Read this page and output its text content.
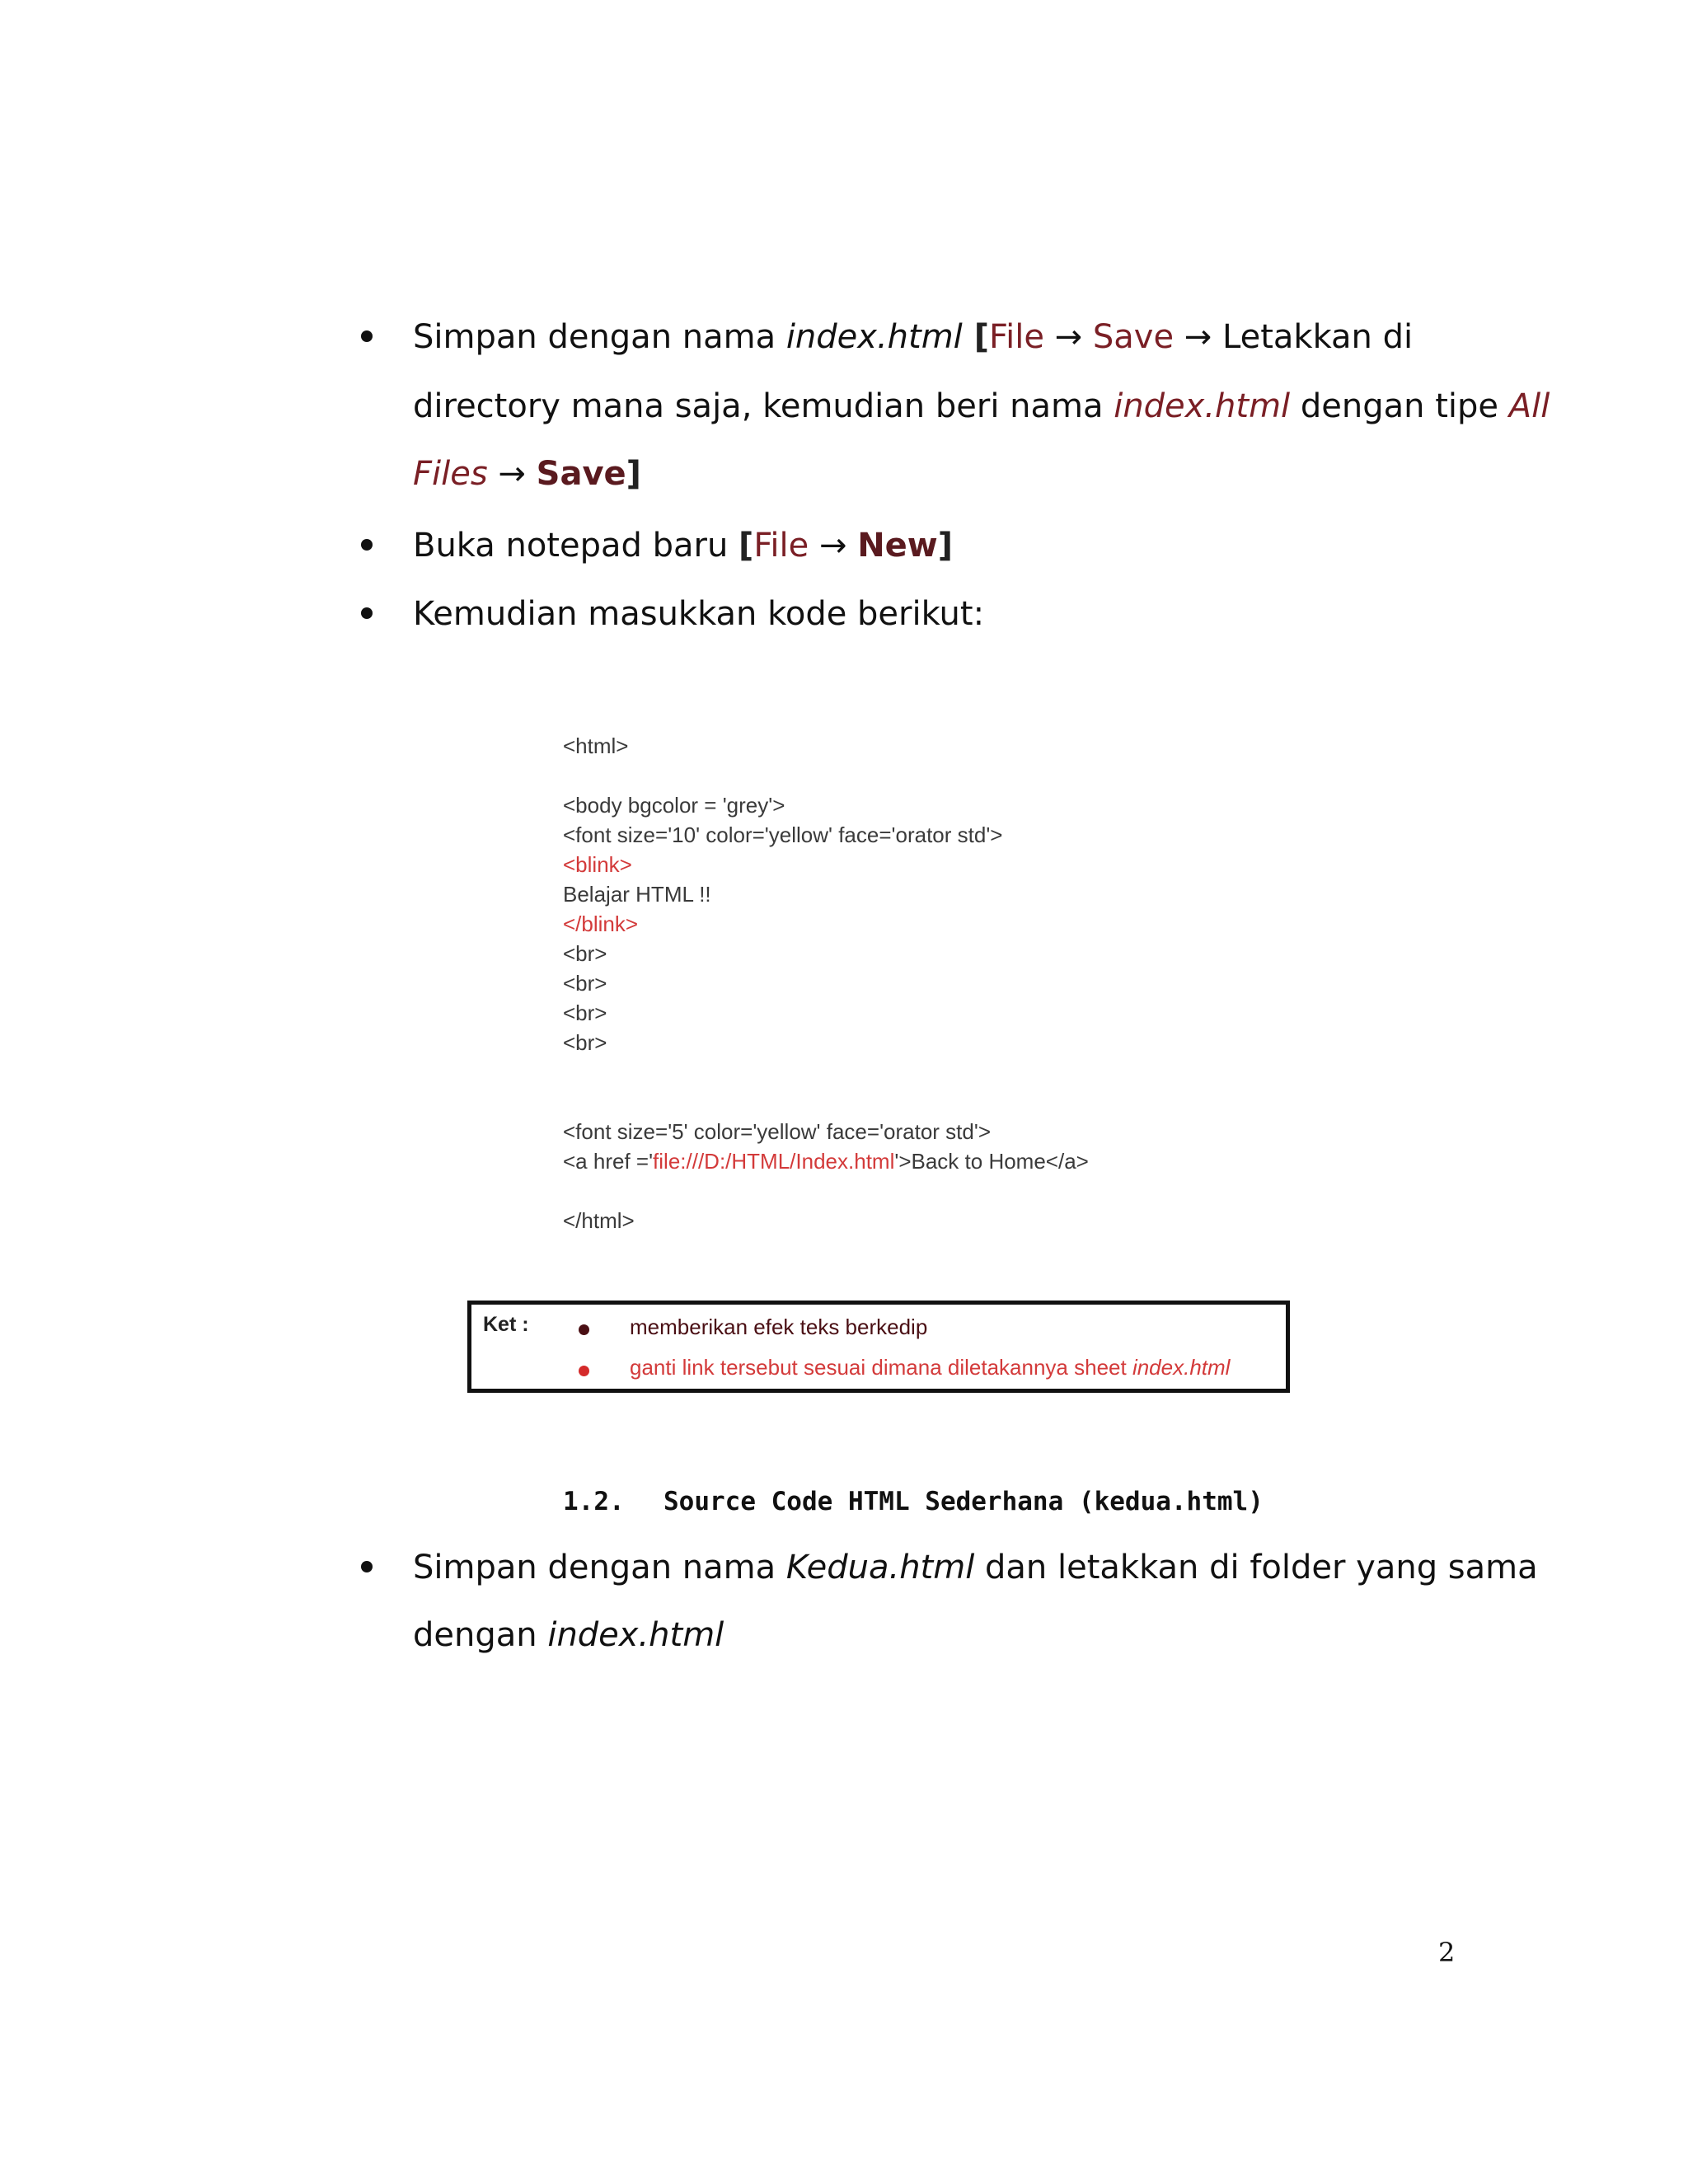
Simpan dengan nama index.html [File → Save → Letakkan di
directory mana saja, kemudian beri nama index.html dengan tipe All
Files → Save]
Buka notepad baru [File → New]
Kemudian masukkan kode berikut:
<html>
<body bgcolor = 'grey'>
<font size='10' color='yellow' face='orator std'>
<blink>
Belajar HTML !!
</blink>
<br>
<br>
<br>
<br>
<font size='5' color='yellow' face='orator std'>
<a href ='file:///D:/HTML/Index.html'>Back to Home</a>
</html>
Ket :	memberikan efek teks berkedip
ganti link tersebut sesuai dimana diletakannya sheet index.html
1.2. Source Code HTML Sederhana (kedua.html)
Simpan dengan nama Kedua.html dan letakkan di folder yang sama
dengan index.html
2
